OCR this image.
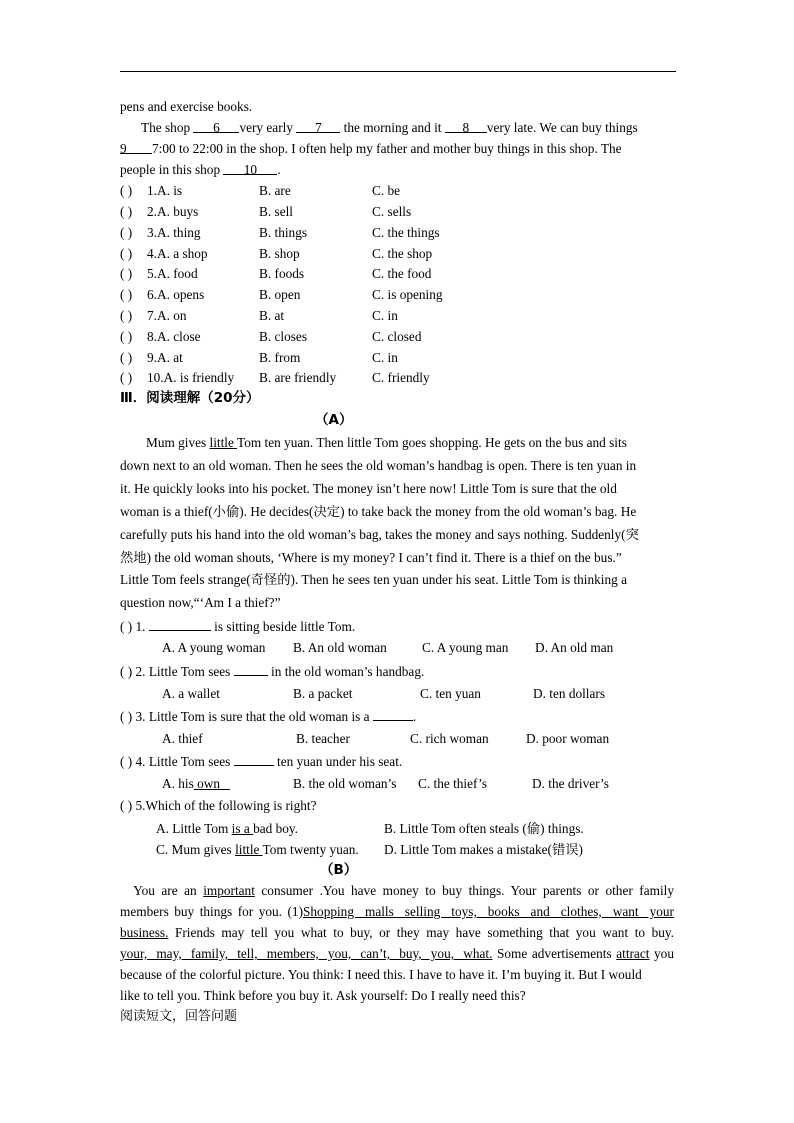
pens and exercise books.
The shop 6 very early 7 the morning and it 8 very late. We can buy things
9 7:00 to 22:00 in the shop. I often help my father and mother buy things in this shop. The
people in this shop 10 .
( ) 1.A. is	B. are	C. be
( ) 2.A. buys	B. sell	C. sells
( ) 3.A. thing	B. things	C. the things
( ) 4.A. a shop	B. shop	C. the shop
( ) 5.A. food	B. foods	C. the food
( ) 6.A. opens	B. open	C. is opening
( ) 7.A. on	B. at	C. in
( ) 8.A. close	B. closes	C. closed
( ) 9.A. at	B. from	C. in
( ) 10.A. is friendly B. are friendly	C. friendly
Ⅲ．阅读理解（20分）
（A）
Mum gives little Tom ten yuan. Then little Tom goes shopping. He gets on the bus and sits
down next to an old woman. Then he sees the old woman’s handbag is open. There is ten yuan in
it. He quickly looks into his pocket. The money isn’t here now! Little Tom is sure that the old
woman is a thief(小偷). He decides(决定) to take back the money from the old woman’s bag. He
carefully puts his hand into the old woman’s bag, takes the money and says nothing. Suddenly(突
然地) the old woman shouts, ‘Where is my money? I can’t find it. There is a thief on the bus.”
Little Tom feels strange(奇怪的). Then he sees ten yuan under his seat. Little Tom is thinking a
question now,“‘Am I a thief?”
( ) 1.	is sitting beside little Tom.
A. A young woman B. An old woman	C. A young man D. An old man
( ) 2. Little Tom sees	in the old woman’s handbag.
A. a wallet	B. a packet	C. ten yuan	D. ten dollars
( ) 3. Little Tom is sure that the old woman is a	.
A. thief	B. teacher	C. rich woman	D. poor woman
( ) 4. Little Tom sees	ten yuan under his seat.
A. his own	B. the old woman’s C. the thief’s	D. the driver’s
( ) 5.Which of the following is right?
A. Little Tom is a bad boy.	B. Little Tom often steals (偷) things.
C. Mum gives little Tom twenty yuan. D. Little Tom makes a mistake(错误)
（B）
 You are an important consumer .You have money to buy things. Your parents or other family
members buy things for you. (1)Shopping  malls  selling  toys,  books  and  clothes,  want  your
business. Friends may tell you what to buy, or they may have something that you want to buy.
your,  may,  family,  tell,  members,  you,  can’t,  buy,  you,  what. Some advertisements attract you
because of the colorful picture. You think: I need this. I have to have it. I’m buying it. But I would
like to tell you. Think before you buy it. Ask yourself: Do I really need this?
阅读短文，回答问题
